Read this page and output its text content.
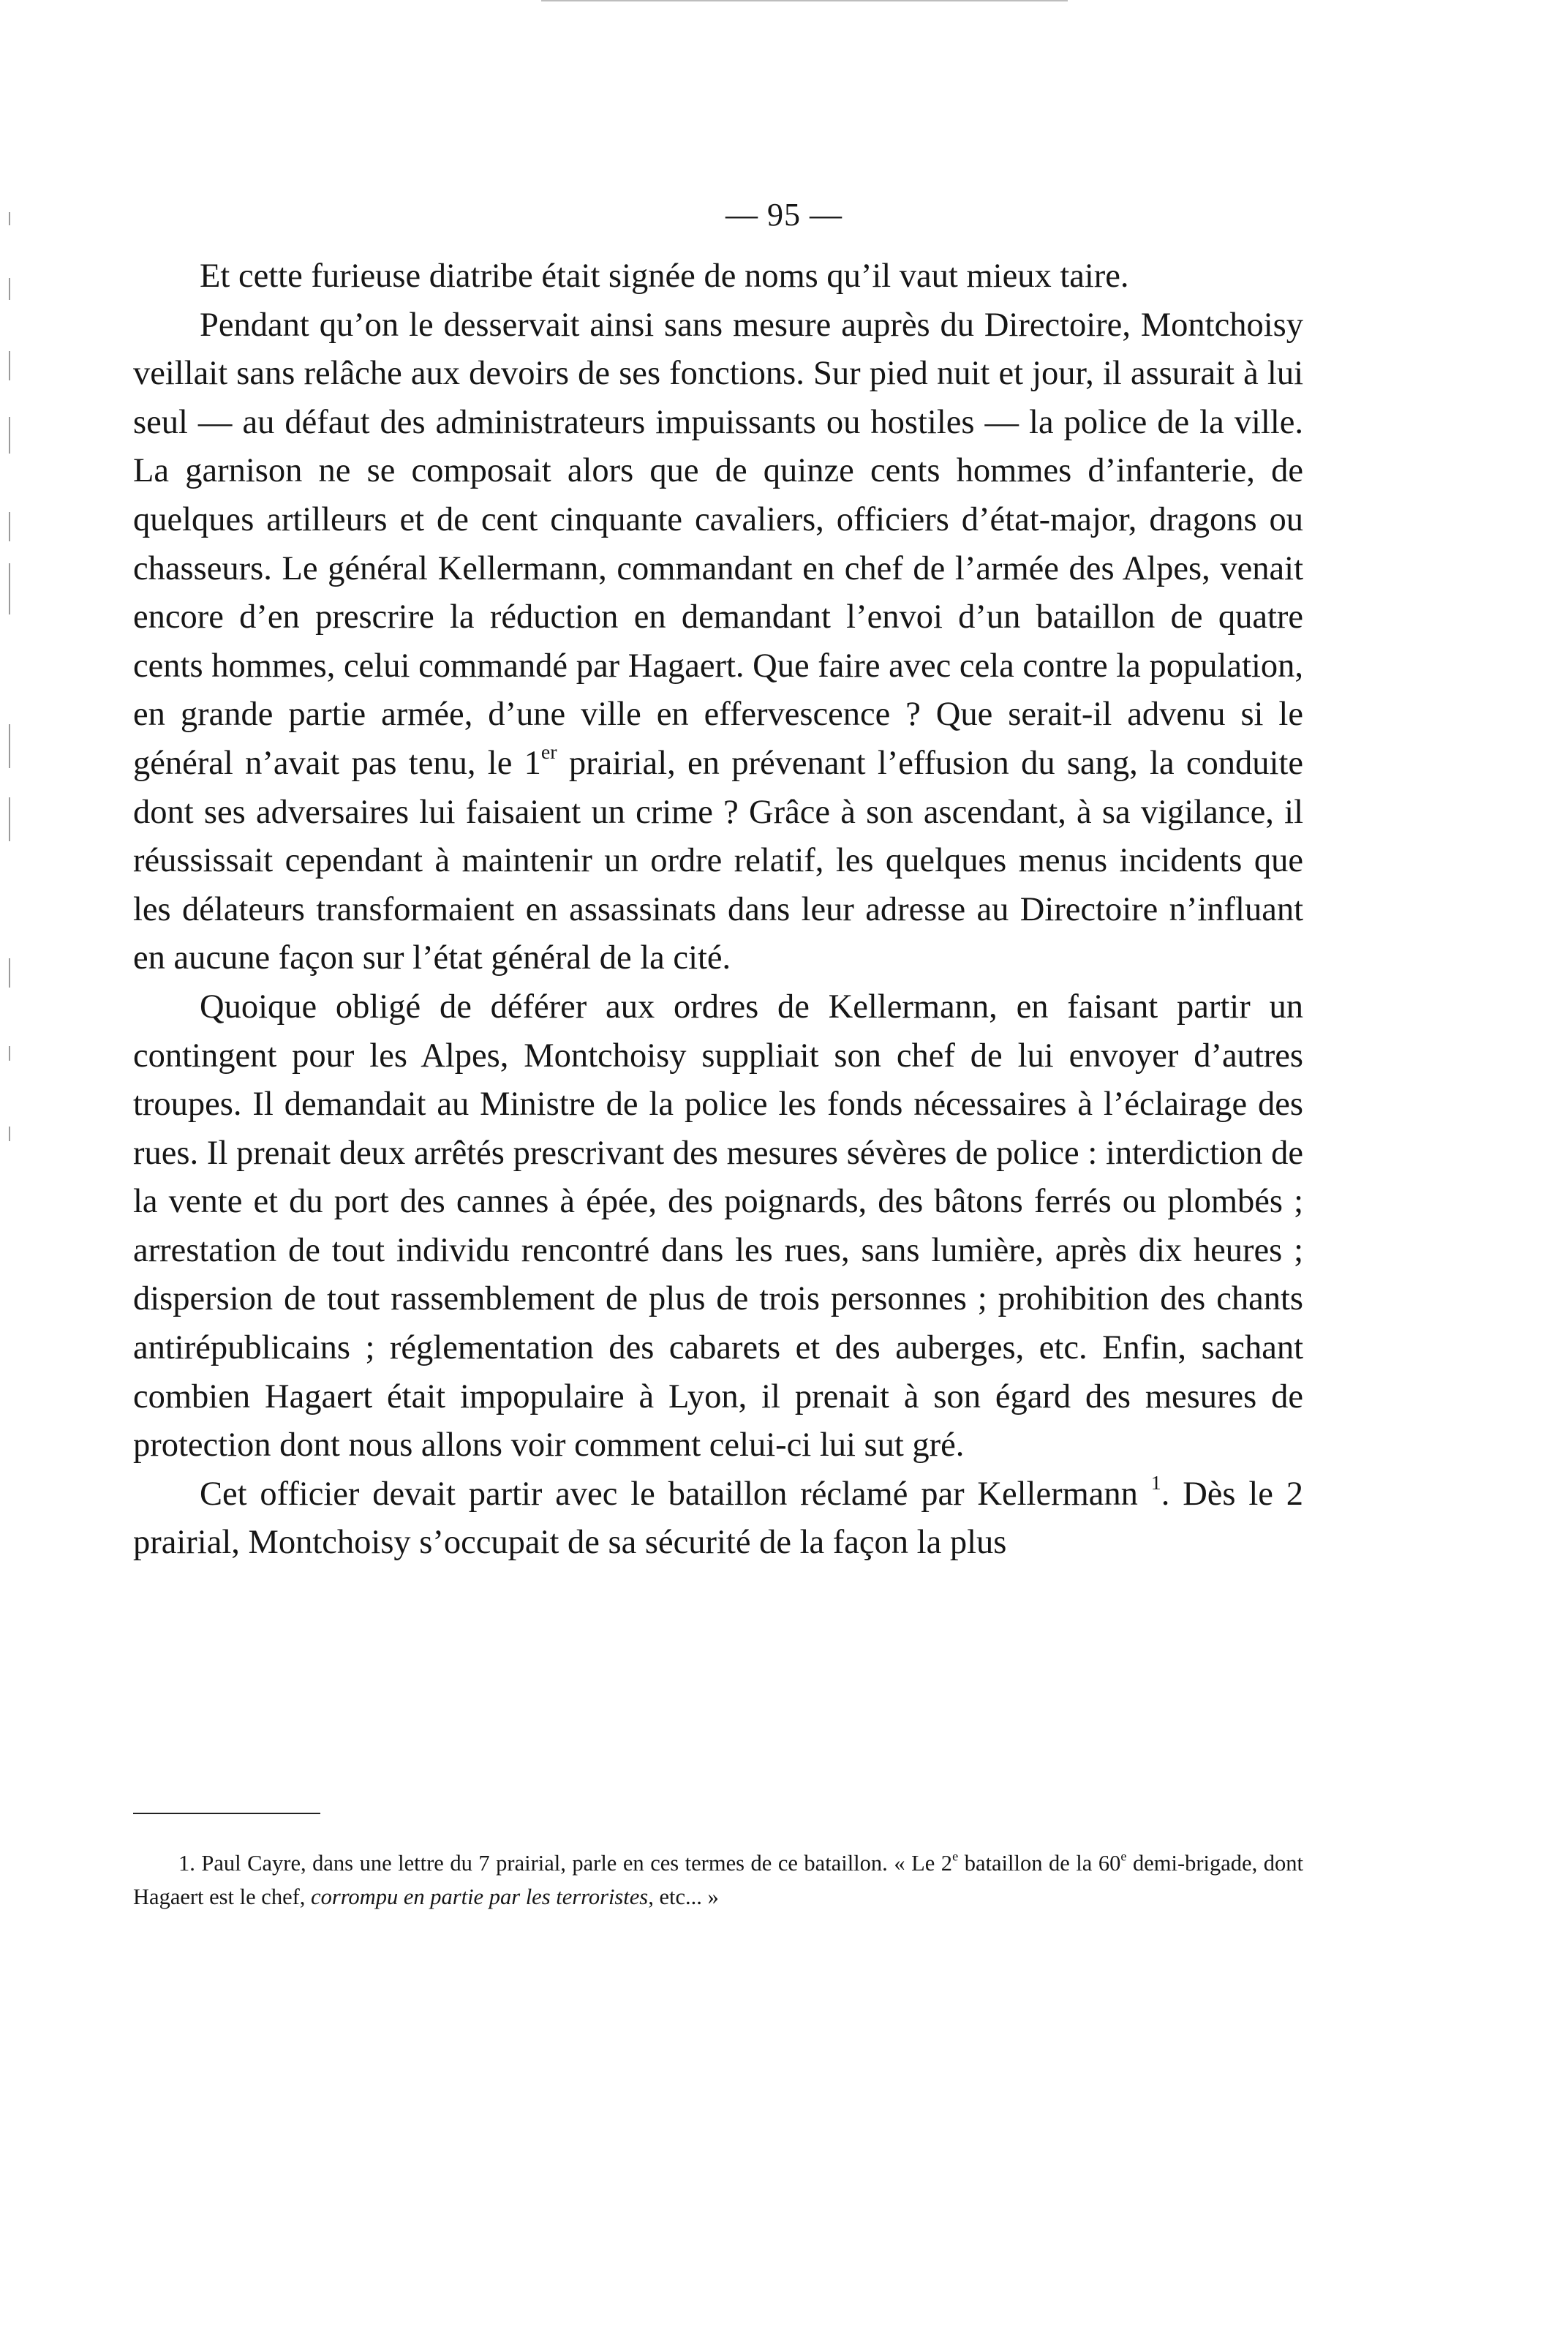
— 95 —

Et cette furieuse diatribe était signée de noms qu’il vaut mieux taire.

Pendant qu’on le desservait ainsi sans mesure auprès du Directoire, Montchoisy veillait sans relâche aux devoirs de ses fonctions. Sur pied nuit et jour, il assurait à lui seul — au défaut des administrateurs impuissants ou hostiles — la police de la ville. La garnison ne se composait alors que de quinze cents hommes d’infanterie, de quelques artilleurs et de cent cinquante cavaliers, officiers d’état-major, dragons ou chasseurs. Le général Kellermann, commandant en chef de l’armée des Alpes, venait encore d’en prescrire la réduction en demandant l’envoi d’un bataillon de quatre cents hommes, celui commandé par Hagaert. Que faire avec cela contre la population, en grande partie armée, d’une ville en effervescence ? Que serait-il advenu si le général n’avait pas tenu, le 1er prairial, en prévenant l’effusion du sang, la conduite dont ses adversaires lui faisaient un crime ? Grâce à son ascendant, à sa vigilance, il réussissait cependant à maintenir un ordre relatif, les quelques menus incidents que les délateurs transformaient en assassinats dans leur adresse au Directoire n’influant en aucune façon sur l’état général de la cité.

Quoique obligé de déférer aux ordres de Kellermann, en faisant partir un contingent pour les Alpes, Montchoisy suppliait son chef de lui envoyer d’autres troupes. Il demandait au Ministre de la police les fonds nécessaires à l’éclairage des rues. Il prenait deux arrêtés prescrivant des mesures sévères de police : interdiction de la vente et du port des cannes à épée, des poignards, des bâtons ferrés ou plombés ; arrestation de tout individu rencontré dans les rues, sans lumière, après dix heures ; dispersion de tout rassemblement de plus de trois personnes ; prohibition des chants antirépublicains ; réglementation des cabarets et des auberges, etc. Enfin, sachant combien Hagaert était impopulaire à Lyon, il prenait à son égard des mesures de protection dont nous allons voir comment celui-ci lui sut gré.

Cet officier devait partir avec le bataillon réclamé par Kellermann $^1$. Dès le 2 prairial, Montchoisy s’occupait de sa sécurité de la façon la plus

1. Paul Cayre, dans une lettre du 7 prairial, parle en ces termes de ce bataillon. « Le 2e bataillon de la 60e demi-brigade, dont Hagaert est le chef, corrompu en partie par les terroristes, etc... »
